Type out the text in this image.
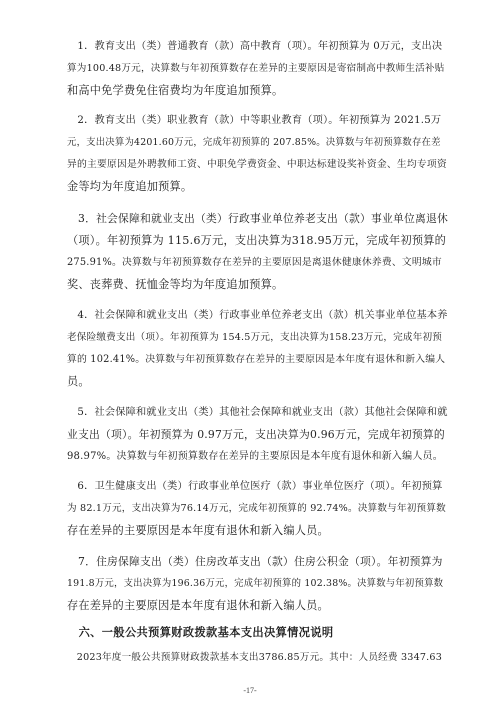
　1．教育支出（类）普通教育（款）高中教育（项）。年初预算为 0万元，支出决
算为100.48万元，决算数与年初预算数存在差异的主要原因是寄宿制高中教师生活补贴
和高中免学费免住宿费均为年度追加预算。
　2．教育支出（类）职业教育（款）中等职业教育（项）。年初预算为 2021.5万
元，支出决算为4201.60万元，完成年初预算的 207.85%。决算数与年初预算数存在差
异的主要原因是外聘教师工资、中职免学费资金、中职达标建设奖补资金、生均专项资
金等均为年度追加预算。
　3．社会保障和就业支出（类）行政事业单位养老支出（款）事业单位离退休
（项）。年初预算为 115.6万元，支出决算为318.95万元，完成年初预算的
275.91%。决算数与年初预算数存在差异的主要原因是离退休健康休养费、文明城市
奖、丧葬费、抚恤金等均为年度追加预算。
　4．社会保障和就业支出（类）行政事业单位养老支出（款）机关事业单位基本养
老保险缴费支出（项）。年初预算为 154.5万元，支出决算为158.23万元，完成年初预
算的 102.41%。决算数与年初预算数存在差异的主要原因是本年度有退休和新入编人
员。
　5．社会保障和就业支出（类）其他社会保障和就业支出（款）其他社会保障和就
业支出（项）。年初预算为 0.97万元，支出决算为0.96万元，完成年初预算的
98.97%。决算数与年初预算数存在差异的主要原因是本年度有退休和新入编人员。
　6．卫生健康支出（类）行政事业单位医疗（款）事业单位医疗（项）。年初预算
为 82.1万元，支出决算为76.14万元，完成年初预算的 92.74%。决算数与年初预算数
存在差异的主要原因是本年度有退休和新入编人员。
　7．住房保障支出（类）住房改革支出（款）住房公积金（项）。年初预算为
191.8万元，支出决算为196.36万元，完成年初预算的 102.38%。决算数与年初预算数
存在差异的主要原因是本年度有退休和新入编人员。
　六、一般公共预算财政拨款基本支出决算情况说明
　2023年度一般公共预算财政拨款基本支出3786.85万元。其中：人员经费 3347.63
-17-
